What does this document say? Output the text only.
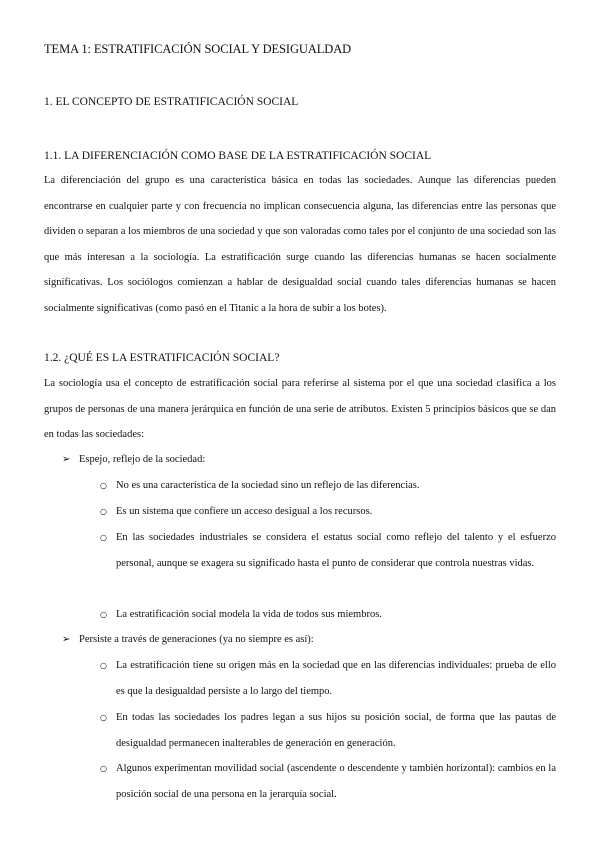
TEMA 1: ESTRATIFICACIÓN SOCIAL Y DESIGUALDAD
1. EL CONCEPTO DE ESTRATIFICACIÓN SOCIAL
1.1. LA DIFERENCIACIÓN COMO BASE DE LA ESTRATIFICACIÓN SOCIAL
La diferenciación del grupo es una característica básica en todas las sociedades. Aunque las diferencias pueden encontrarse en cualquier parte y con frecuencia no implican consecuencia alguna, las diferencias entre las personas que dividen o separan a los miembros de una sociedad y que son valoradas como tales por el conjunto de una sociedad son las que más interesan a la sociología. La estratificación surge cuando las diferencias humanas se hacen socialmente significativas. Los sociólogos comienzan a hablar de desigualdad social cuando tales diferencias humanas se hacen socialmente significativas (como pasó en el Titanic a la hora de subir a los botes).
1.2. ¿QUÉ ES LA ESTRATIFICACIÓN SOCIAL?
La sociología usa el concepto de estratificación social para referirse al sistema por el que una sociedad clasifica a los grupos de personas de una manera jerárquica en función de una serie de atributos. Existen 5 principios básicos que se dan en todas las sociedades:
➢ Espejo, reflejo de la sociedad:
○ No es una característica de la sociedad sino un reflejo de las diferencias.
○ Es un sistema que confiere un acceso desigual a los recursos.
○ En las sociedades industriales se considera el estatus social como reflejo del talento y el esfuerzo personal, aunque se exagera su significado hasta el punto de considerar que controla nuestras vidas.
○ La estratificación social modela la vida de todos sus miembros.
➢ Persiste a través de generaciones (ya no siempre es así):
○ La estratificación tiene su origen más en la sociedad que en las diferencias individuales: prueba de ello es que la desigualdad persiste a lo largo del tiempo.
○ En todas las sociedades los padres legan a sus hijos su posición social, de forma que las pautas de desigualdad permanecen inalterables de generación en generación.
○ Algunos experimentan movilidad social (ascendente o descendente y también horizontal): cambios en la posición social de una persona en la jerarquía social.
